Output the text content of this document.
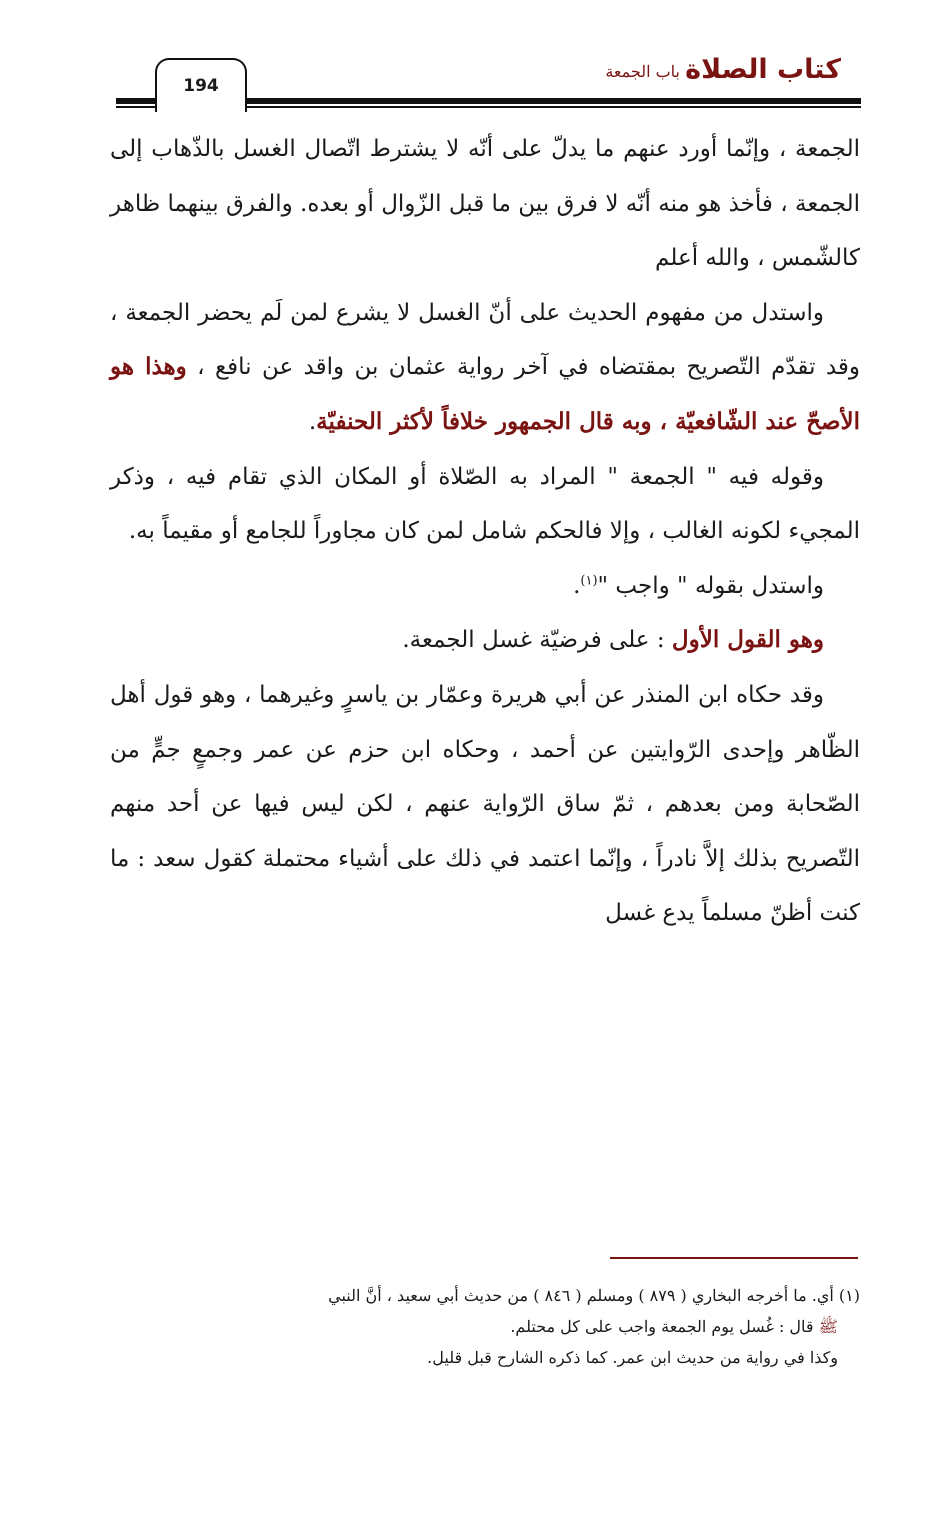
194
كتاب الصلاة
باب الجمعة

الجمعة ، وإنّما أورد عنهم ما يدلّ على أنّه لا يشترط اتّصال الغسل بالذّهاب إلى الجمعة ، فأخذ هو منه أنّه لا فرق بين ما قبل الزّوال أو بعده. والفرق بينهما ظاهر كالشّمس ، والله أعلم

واستدل من مفهوم الحديث على أنّ الغسل لا يشرع لمن لَم يحضر الجمعة ، وقد تقدّم التّصريح بمقتضاه في آخر رواية عثمان بن واقد عن نافع ، وهذا هو الأصحّ عند الشّافعيّة ، وبه قال الجمهور خلافاً لأكثر الحنفيّة.

وقوله فيه " الجمعة " المراد به الصّلاة أو المكان الذي تقام فيه ، وذكر المجيء لكونه الغالب ، وإلا فالحكم شامل لمن كان مجاوراً للجامع أو مقيماً به.

واستدل بقوله " واجب "$^{(١)}$.

وهو القول الأول : على فرضيّة غسل الجمعة.

وقد حكاه ابن المنذر عن أبي هريرة وعمّار بن ياسرٍ وغيرهما ، وهو قول أهل الظّاهر وإحدى الرّوايتين عن أحمد ، وحكاه ابن حزم عن عمر وجمعٍ جمٍّ من الصّحابة ومن بعدهم ، ثمّ ساق الرّواية عنهم ، لكن ليس فيها عن أحد منهم التّصريح بذلك إلاَّ نادراً ، وإنّما اعتمد في ذلك على أشياء محتملة كقول سعد : ما كنت أظنّ مسلماً يدع غسل

(١) أي. ما أخرجه البخاري ( ٨٧٩ ) ومسلم ( ٨٤٦ ) من حديث أبي سعيد ، أنَّ النبي

ﷺ قال : غُسل يوم الجمعة واجب على كل محتلم.

وكذا في رواية من حديث ابن عمر. كما ذكره الشارح قبل قليل.
